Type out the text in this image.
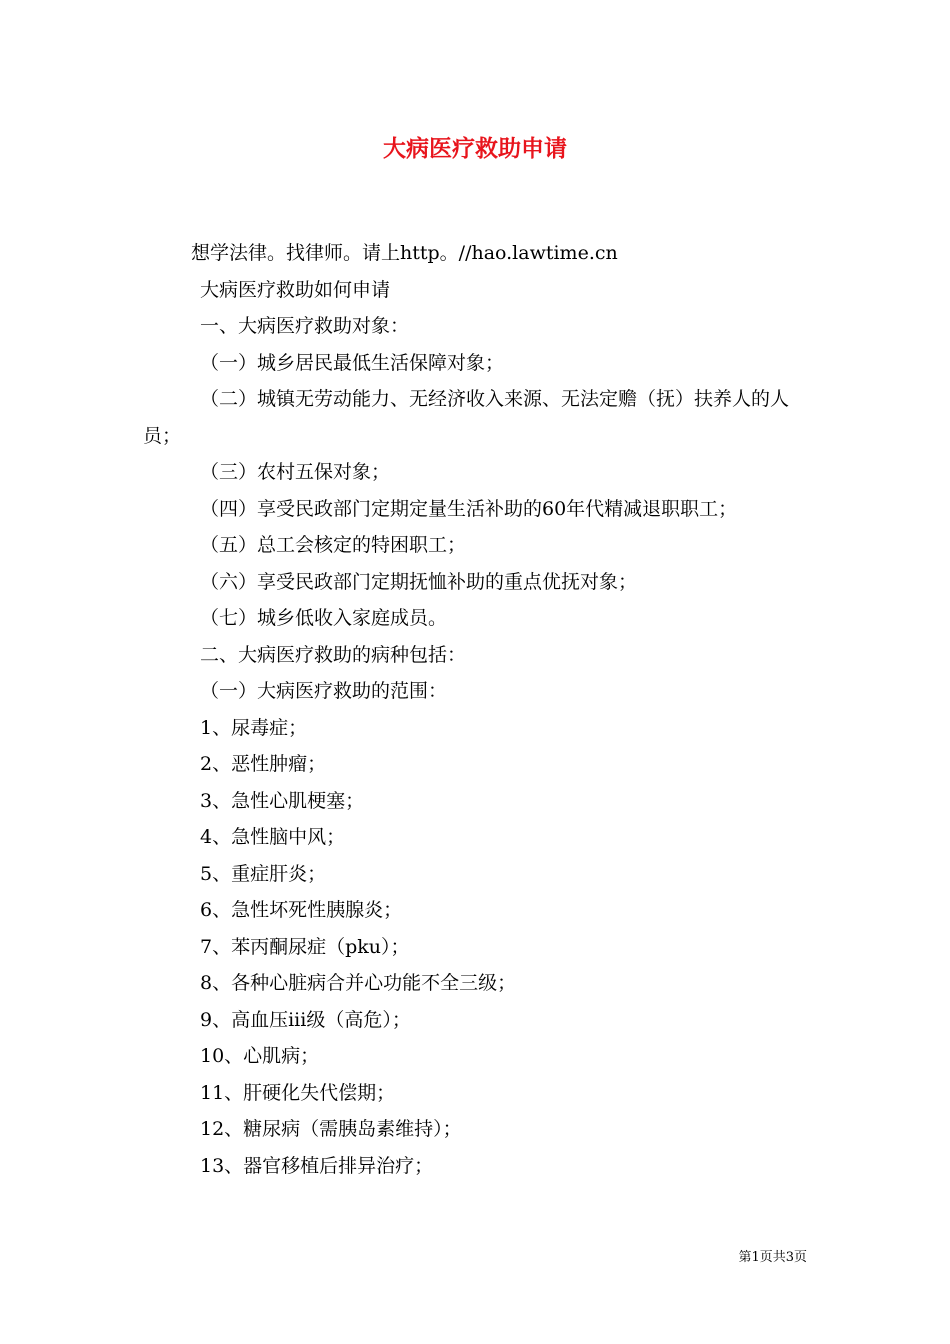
大病医疗救助申请

想学法律。找律师。请上http。//hao.lawtime.cn

大病医疗救助如何申请

一、大病医疗救助对象：

（一）城乡居民最低生活保障对象；

（二）城镇无劳动能力、无经济收入来源、无法定赡（抚）扶养人的人员；

（三）农村五保对象；

（四）享受民政部门定期定量生活补助的60年代精减退职职工；

（五）总工会核定的特困职工；

（六）享受民政部门定期抚恤补助的重点优抚对象；

（七）城乡低收入家庭成员。

二、大病医疗救助的病种包括：

（一）大病医疗救助的范围：

1、尿毒症；

2、恶性肿瘤；

3、急性心肌梗塞；

4、急性脑中风；

5、重症肝炎；

6、急性坏死性胰腺炎；

7、苯丙酮尿症（pku）；

8、各种心脏病合并心功能不全三级；

9、高血压iii级（高危）；

10、心肌病；

11、肝硬化失代偿期；

12、糖尿病（需胰岛素维持）；

13、器官移植后排异治疗；

第1页共3页
